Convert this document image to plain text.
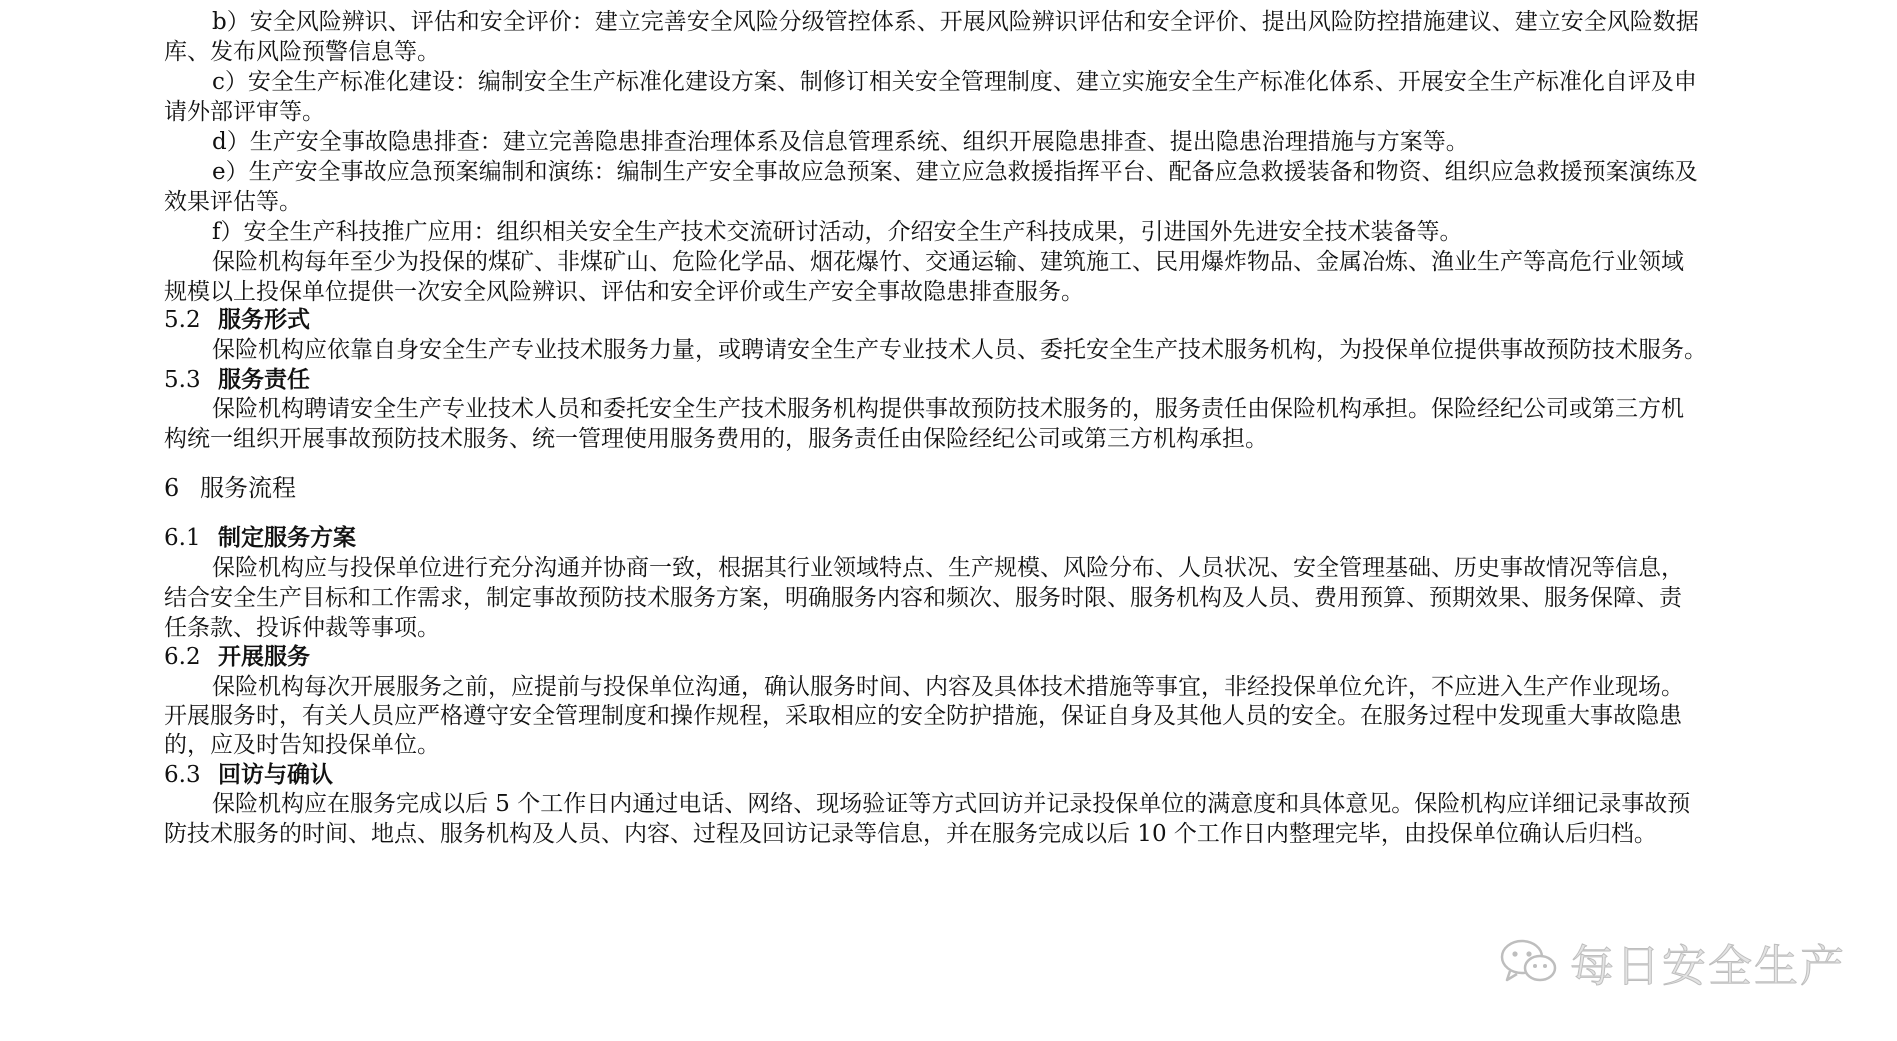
b）安全风险辨识、评估和安全评价：建立完善安全风险分级管控体系、开展风险辨识评估和安全评价、提出风险防控措施建议、建立安全风险数据
库、发布风险预警信息等。
c）安全生产标准化建设：编制安全生产标准化建设方案、制修订相关安全管理制度、建立实施安全生产标准化体系、开展安全生产标准化自评及申
请外部评审等。
d）生产安全事故隐患排查：建立完善隐患排查治理体系及信息管理系统、组织开展隐患排查、提出隐患治理措施与方案等。
e）生产安全事故应急预案编制和演练：编制生产安全事故应急预案、建立应急救援指挥平台、配备应急救援装备和物资、组织应急救援预案演练及
效果评估等。
f）安全生产科技推广应用：组织相关安全生产技术交流研讨活动，介绍安全生产科技成果，引进国外先进安全技术装备等。
保险机构每年至少为投保的煤矿、非煤矿山、危险化学品、烟花爆竹、交通运输、建筑施工、民用爆炸物品、金属冶炼、渔业生产等高危行业领域
规模以上投保单位提供一次安全风险辨识、评估和安全评价或生产安全事故隐患排查服务。
5.2 服务形式
保险机构应依靠自身安全生产专业技术服务力量，或聘请安全生产专业技术人员、委托安全生产技术服务机构，为投保单位提供事故预防技术服务。
5.3 服务责任
保险机构聘请安全生产专业技术人员和委托安全生产技术服务机构提供事故预防技术服务的，服务责任由保险机构承担。保险经纪公司或第三方机
构统一组织开展事故预防技术服务、统一管理使用服务费用的，服务责任由保险经纪公司或第三方机构承担。
6 服务流程
6.1 制定服务方案
保险机构应与投保单位进行充分沟通并协商一致，根据其行业领域特点、生产规模、风险分布、人员状况、安全管理基础、历史事故情况等信息，
结合安全生产目标和工作需求，制定事故预防技术服务方案，明确服务内容和频次、服务时限、服务机构及人员、费用预算、预期效果、服务保障、责
任条款、投诉仲裁等事项。
6.2 开展服务
保险机构每次开展服务之前，应提前与投保单位沟通，确认服务时间、内容及具体技术措施等事宜，非经投保单位允许，不应进入生产作业现场。
开展服务时，有关人员应严格遵守安全管理制度和操作规程，采取相应的安全防护措施，保证自身及其他人员的安全。在服务过程中发现重大事故隐患
的，应及时告知投保单位。
6.3 回访与确认
保险机构应在服务完成以后 5 个工作日内通过电话、网络、现场验证等方式回访并记录投保单位的满意度和具体意见。保险机构应详细记录事故预
防技术服务的时间、地点、服务机构及人员、内容、过程及回访记录等信息，并在服务完成以后 10 个工作日内整理完毕，由投保单位确认后归档。
每日安全生产
